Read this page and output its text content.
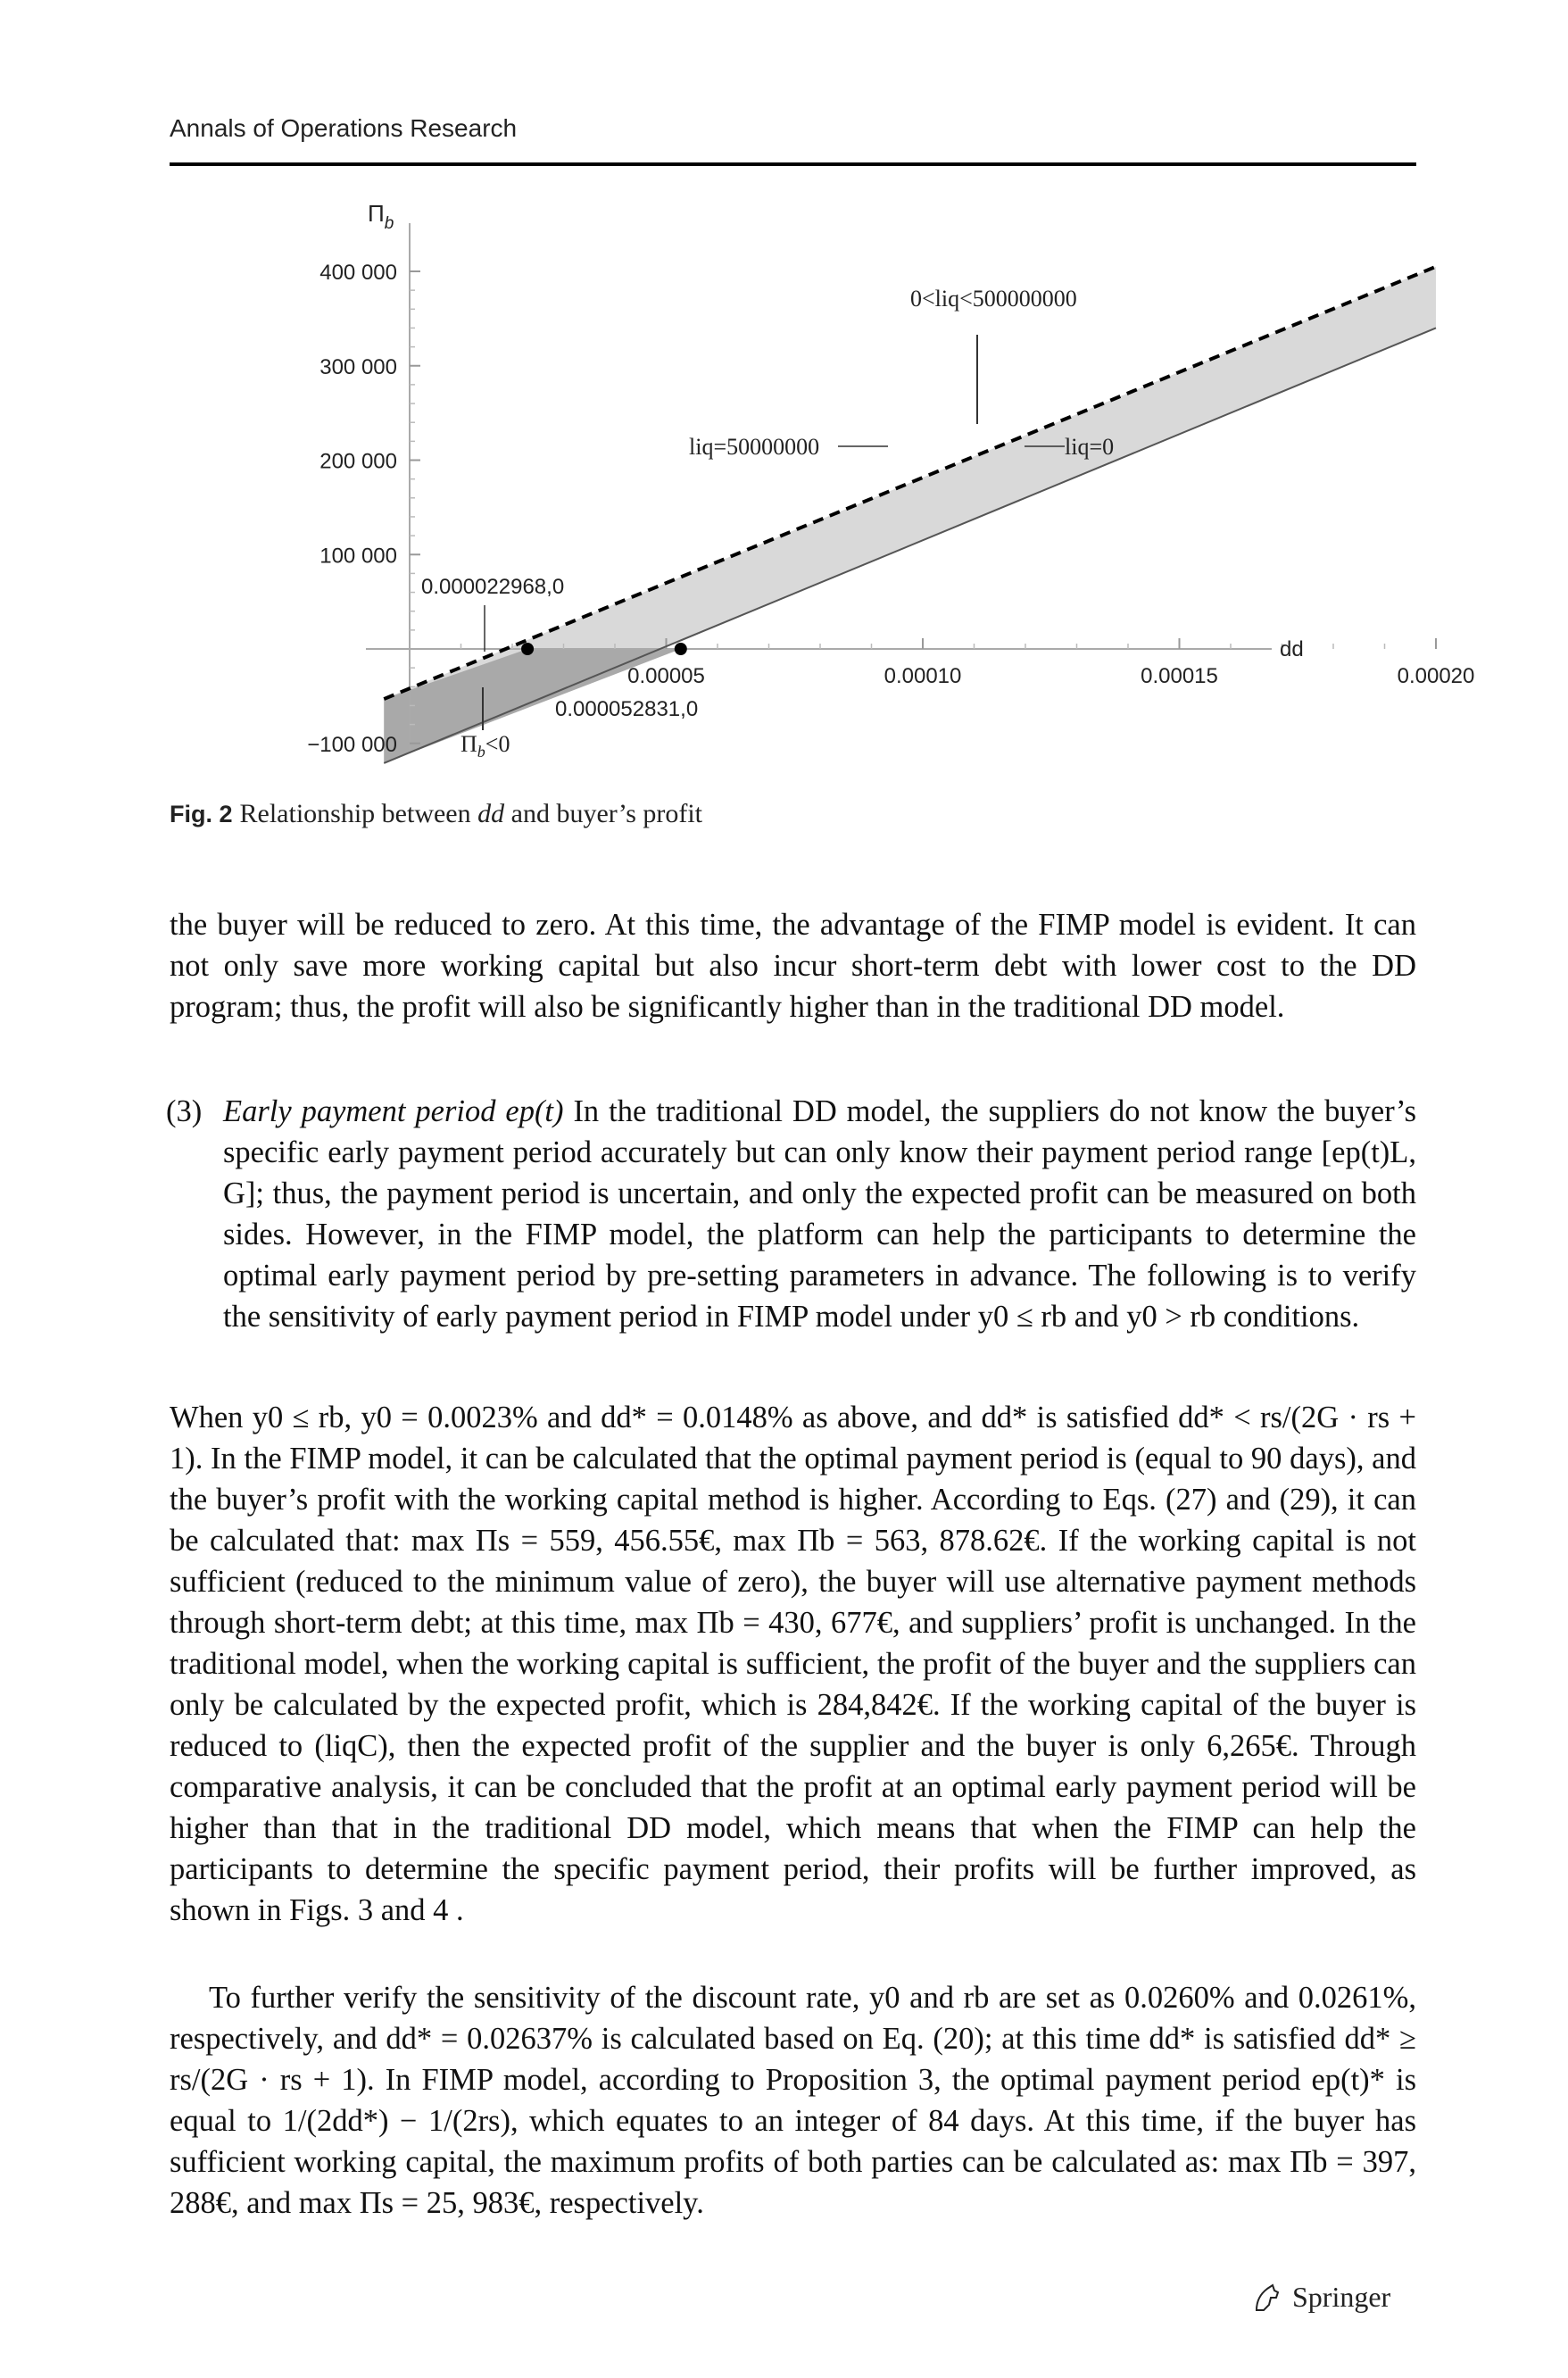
Annals of Operations Research
0.00005	0.00010	0.00015	0.00020
−100 000
100 000
200 000
300 000
400 000
$\Pi_b$
dd
0<liq<500000000
liq=50000000	liq=0
0.000022968,0
0.000052831,0
$\Pi_b<0$
Fig. 2 Relationship between dd and buyer’s profit

the buyer will be reduced to zero. At this time, the advantage of the FIMP model is evident. It can not only save more working capital but also incur short-term debt with lower cost to the DD program; thus, the profit will also be significantly higher than in the traditional DD model.

(3) Early payment period ep(t) In the traditional DD model, the suppliers do not know the buyer’s specific early payment period accurately but can only know their payment period range [ep(t)L, G]; thus, the payment period is uncertain, and only the expected profit can be measured on both sides. However, in the FIMP model, the platform can help the participants to determine the optimal early payment period by pre-setting parameters in advance. The following is to verify the sensitivity of early payment period in FIMP model under y0 ≤ rb and y0 > rb conditions.

When y0 ≤ rb, y0 = 0.0023% and dd* = 0.0148% as above, and dd* is satisfied dd* < rs/(2G · rs + 1). In the FIMP model, it can be calculated that the optimal payment period is (equal to 90 days), and the buyer’s profit with the working capital method is higher. According to Eqs. (27) and (29), it can be calculated that: max Πs = 559, 456.55€, max Πb = 563, 878.62€. If the working capital is not sufficient (reduced to the minimum value of zero), the buyer will use alternative payment methods through short-term debt; at this time, max Πb = 430, 677€, and suppliers’ profit is unchanged. In the traditional model, when the working capital is sufficient, the profit of the buyer and the suppliers can only be calculated by the expected profit, which is 284,842€. If the working capital of the buyer is reduced to (liqC), then the expected profit of the supplier and the buyer is only 6,265€. Through comparative analysis, it can be concluded that the profit at an optimal early payment period will be higher than that in the traditional DD model, which means that when the FIMP can help the participants to determine the specific payment period, their profits will be further improved, as shown in Figs. 3 and 4 .

To further verify the sensitivity of the discount rate, y0 and rb are set as 0.0260% and 0.0261%, respectively, and dd* = 0.02637% is calculated based on Eq. (20); at this time dd* is satisfied dd* ≥ rs/(2G · rs + 1). In FIMP model, according to Proposition 3, the optimal payment period ep(t)* is equal to 1/(2dd*) − 1/(2rs), which equates to an integer of 84 days. At this time, if the buyer has sufficient working capital, the maximum profits of both parties can be calculated as: max Πb = 397, 288€, and max Πs = 25, 983€, respectively.

Springer
